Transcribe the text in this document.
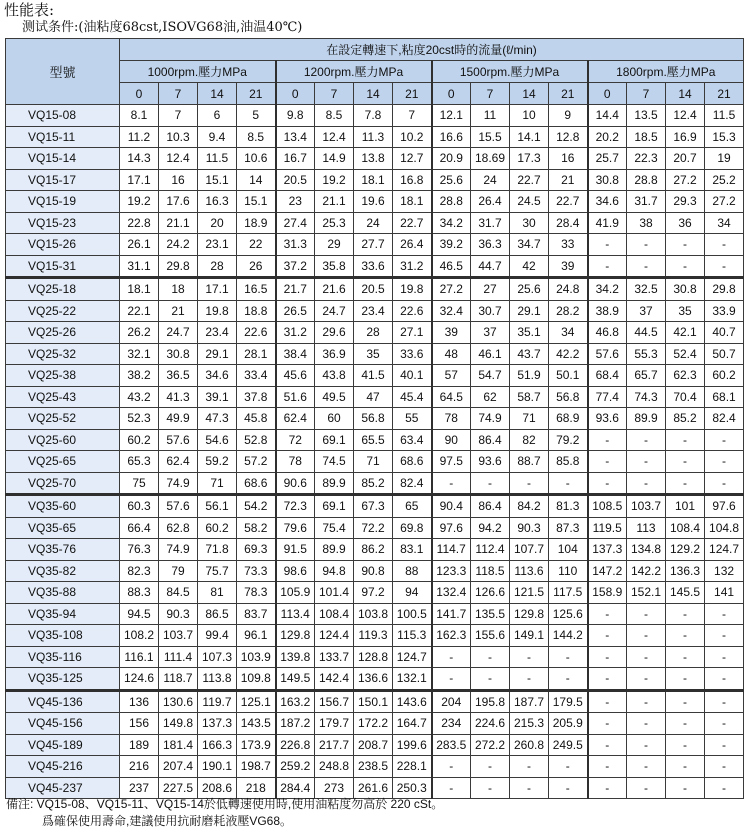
性能表:
测试条件:(油粘度68cst,ISOVG68油,油温40℃)
型號	在設定轉速下,粘度20cst時的流量(ℓ/min)															
	1000rpm.壓力MPa				1200rpm.壓力MPa				1500rpm.壓力MPa				1800rpm.壓力MPa			
	0	7	14	21	0	7	14	21	0	7	14	21	0	7	14	21
VQ15-08	8.1	7	6	5	9.8	8.5	7.8	7	12.1	11	10	9	14.4	13.5	12.4	11.5
VQ15-11	11.2	10.3	9.4	8.5	13.4	12.4	11.3	10.2	16.6	15.5	14.1	12.8	20.2	18.5	16.9	15.3
VQ15-14	14.3	12.4	11.5	10.6	16.7	14.9	13.8	12.7	20.9	18.69	17.3	16	25.7	22.3	20.7	19
VQ15-17	17.1	16	15.1	14	20.5	19.2	18.1	16.8	25.6	24	22.7	21	30.8	28.8	27.2	25.2
VQ15-19	19.2	17.6	16.3	15.1	23	21.1	19.6	18.1	28.8	26.4	24.5	22.7	34.6	31.7	29.3	27.2
VQ15-23	22.8	21.1	20	18.9	27.4	25.3	24	22.7	34.2	31.7	30	28.4	41.9	38	36	34
VQ15-26	26.1	24.2	23.1	22	31.3	29	27.7	26.4	39.2	36.3	34.7	33	-	-	-	-
VQ15-31	31.1	29.8	28	26	37.2	35.8	33.6	31.2	46.5	44.7	42	39	-	-	-	-
VQ25-18	18.1	18	17.1	16.5	21.7	21.6	20.5	19.8	27.2	27	25.6	24.8	34.2	32.5	30.8	29.8
VQ25-22	22.1	21	19.8	18.8	26.5	24.7	23.4	22.6	32.4	30.7	29.1	28.2	38.9	37	35	33.9
VQ25-26	26.2	24.7	23.4	22.6	31.2	29.6	28	27.1	39	37	35.1	34	46.8	44.5	42.1	40.7
VQ25-32	32.1	30.8	29.1	28.1	38.4	36.9	35	33.6	48	46.1	43.7	42.2	57.6	55.3	52.4	50.7
VQ25-38	38.2	36.5	34.6	33.4	45.6	43.8	41.5	40.1	57	54.7	51.9	50.1	68.4	65.7	62.3	60.2
VQ25-43	43.2	41.3	39.1	37.8	51.6	49.5	47	45.4	64.5	62	58.7	56.8	77.4	74.3	70.4	68.1
VQ25-52	52.3	49.9	47.3	45.8	62.4	60	56.8	55	78	74.9	71	68.9	93.6	89.9	85.2	82.4
VQ25-60	60.2	57.6	54.6	52.8	72	69.1	65.5	63.4	90	86.4	82	79.2	-	-	-	-
VQ25-65	65.3	62.4	59.2	57.2	78	74.5	71	68.6	97.5	93.6	88.7	85.8	-	-	-	-
VQ25-70	75	74.9	71	68.6	90.6	89.9	85.2	82.4	-	-	-	-	-	-	-	-
VQ35-60	60.3	57.6	56.1	54.2	72.3	69.1	67.3	65	90.4	86.4	84.2	81.3	108.5	103.7	101	97.6
VQ35-65	66.4	62.8	60.2	58.2	79.6	75.4	72.2	69.8	97.6	94.2	90.3	87.3	119.5	113	108.4	104.8
VQ35-76	76.3	74.9	71.8	69.3	91.5	89.9	86.2	83.1	114.7	112.4	107.7	104	137.3	134.8	129.2	124.7
VQ35-82	82.3	79	75.7	73.3	98.6	94.8	90.8	88	123.3	118.5	113.6	110	147.2	142.2	136.3	132
VQ35-88	88.3	84.5	81	78.3	105.9	101.4	97.2	94	132.4	126.6	121.5	117.5	158.9	152.1	145.5	141
VQ35-94	94.5	90.3	86.5	83.7	113.4	108.4	103.8	100.5	141.7	135.5	129.8	125.6	-	-	-	-
VQ35-108	108.2	103.7	99.4	96.1	129.8	124.4	119.3	115.3	162.3	155.6	149.1	144.2	-	-	-	-
VQ35-116	116.1	111.4	107.3	103.9	139.8	133.7	128.8	124.7	-	-	-	-	-	-	-	-
VQ35-125	124.6	118.7	113.8	109.8	149.5	142.4	136.6	132.1	-	-	-	-	-	-	-	-
VQ45-136	136	130.6	119.7	125.1	163.2	156.7	150.1	143.6	204	195.8	187.7	179.5	-	-	-	-
VQ45-156	156	149.8	137.3	143.5	187.2	179.7	172.2	164.7	234	224.6	215.3	205.9	-	-	-	-
VQ45-189	189	181.4	166.3	173.9	226.8	217.7	208.7	199.6	283.5	272.2	260.8	249.5	-	-	-	-
VQ45-216	216	207.4	190.1	198.7	259.2	248.8	238.5	228.1	-	-	-	-	-	-	-	-
VQ45-237	237	227.5	208.6	218	284.4	273	261.6	250.3	-	-	-	-	-	-	-	-
備注: VQ15-08、VQ15-11、VQ15-14於低轉速使用時,使用油粘度勿高於 220 cSt。
爲確保使用壽命,建議使用抗耐磨耗液壓VG68。
